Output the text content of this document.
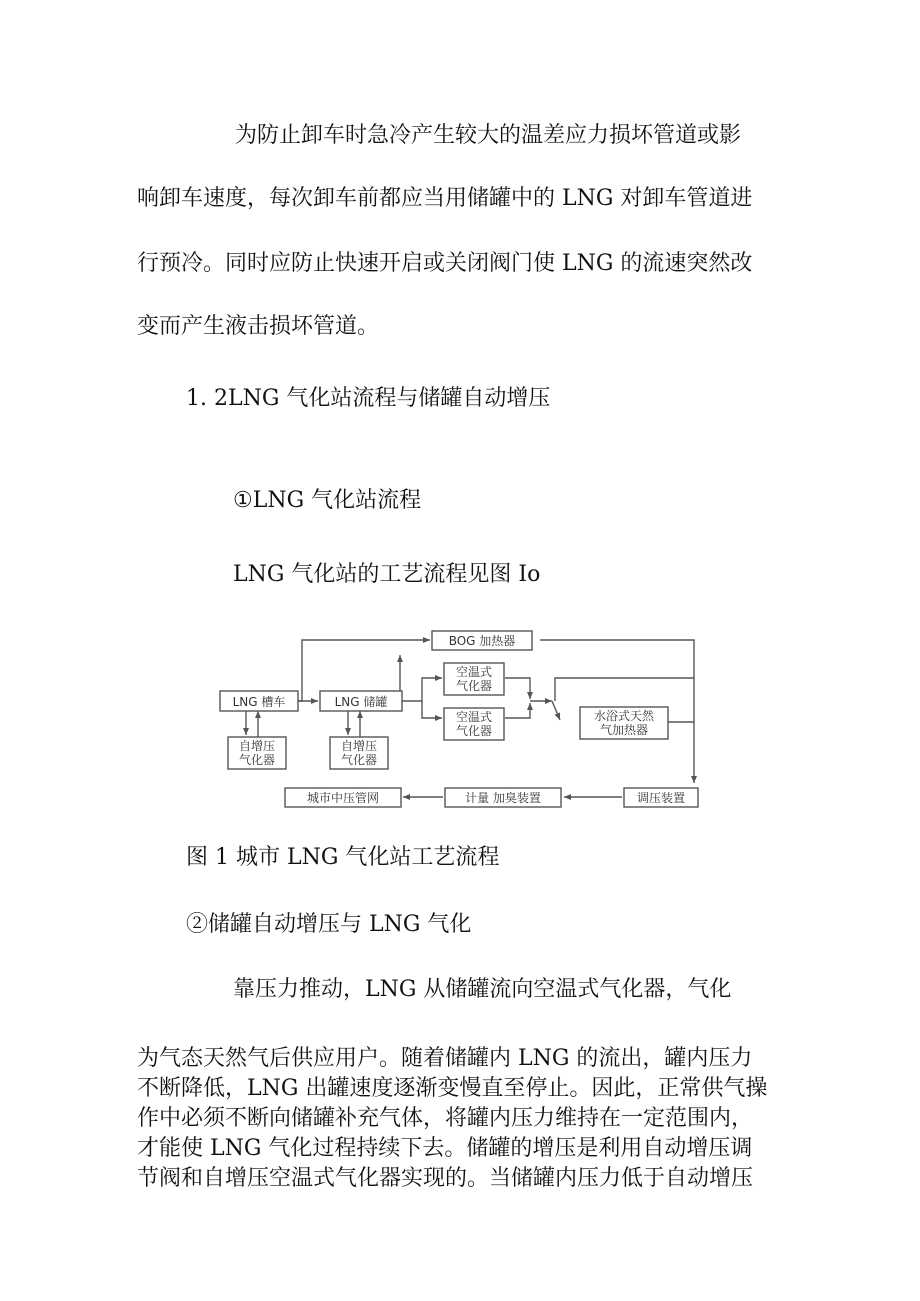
为防止卸车时急冷产生较大的温差应力损坏管道或影
响卸车速度，每次卸车前都应当用储罐中的 LNG 对卸车管道进
行预冷。同时应防止快速开启或关闭阀门使 LNG 的流速突然改
变而产生液击损坏管道。
1. 2LNG 气化站流程与储罐自动增压
①LNG 气化站流程
LNG 气化站的工艺流程见图 Io
BOG 加热器
LNG 槽车	LNG 储罐
空温式
气化器
空温式
气化器
水浴式天然
气加热器
自增压
气化器
自增压
气化器
城市中压管网	计量 加臭装置	调压装置
图 1 城市 LNG 气化站工艺流程
②储罐自动增压与 LNG 气化
靠压力推动，LNG 从储罐流向空温式气化器，气化
为气态天然气后供应用户。随着储罐内 LNG 的流出，罐内压力
不断降低，LNG 出罐速度逐渐变慢直至停止。因此，正常供气操
作中必须不断向储罐补充气体，将罐内压力维持在一定范围内，
才能使 LNG 气化过程持续下去。储罐的增压是利用自动增压调
节阀和自增压空温式气化器实现的。当储罐内压力低于自动增压
